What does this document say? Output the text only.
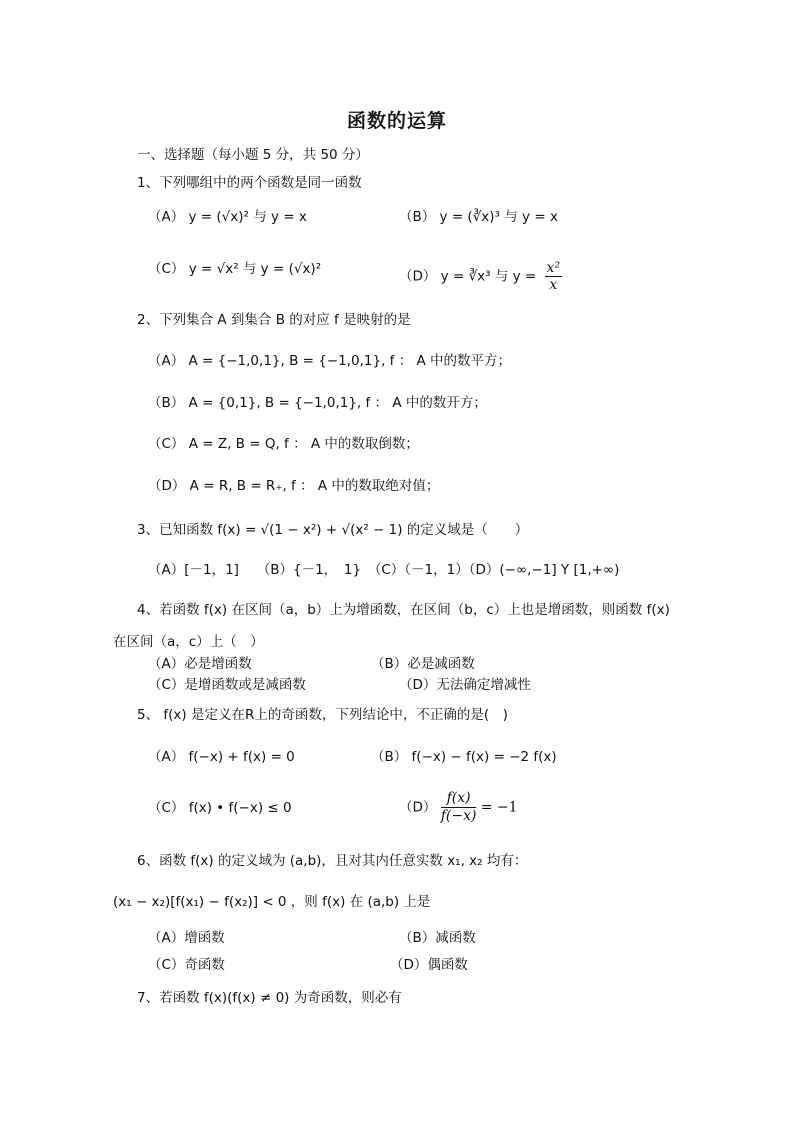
函数的运算
一、选择题（每小题 5 分，共 50 分）
1、下列哪组中的两个函数是同一函数
（A） y = (√x)² 与 y = x	（B） y = (∛x)³ 与 y = x
（C） y = √x² 与 y = (√x)²	（D） y = ∛x³ 与 $y = \frac{\text{x²}}{x}$
2、下列集合 A 到集合 B 的对应 f 是映射的是
（A） A = {−1,0,1}, B = {−1,0,1}, f ： A 中的数平方；
（B） A = {0,1}, B = {−1,0,1}, f ： A 中的数开方；
（C） A = Z, B = Q, f ： A 中的数取倒数；
（D） A = R, B = R₊, f ： A 中的数取绝对值；
3、已知函数 f(x) = √(1 − x²) + √(x² − 1) 的定义域是（　　）
（A）[－1，1]　 （B）{－1，　1}　（C）（－1，1）（D）(−∞,−1] Y [1,+∞)
4、若函数 f(x) 在区间（a，b）上为增函数，在区间（b，c）上也是增函数，则函数 f(x)
在区间（a，c）上（　）
（A）必是增函数	（B）必是减函数
（C）是增函数或是减函数	（D）无法确定增减性
5、 f(x) 是定义在R上的奇函数，下列结论中，不正确的是(　)
（A） f(−x) + f(x) = 0	（B） f(−x) − f(x) = −2 f(x)
（C） f(x) • f(−x) ≤ 0	$(D) \frac{f(x)}{f(-x)} = -1$
6、函数 f(x) 的定义域为 (a,b)，且对其内任意实数 x₁, x₂ 均有：
(x₁ − x₂)[f(x₁) − f(x₂)] < 0 ，则 f(x) 在 (a,b) 上是
（A）增函数	（B）减函数
（C）奇函数	（D）偶函数
7、若函数 f(x)(f(x) ≠ 0) 为奇函数，则必有
